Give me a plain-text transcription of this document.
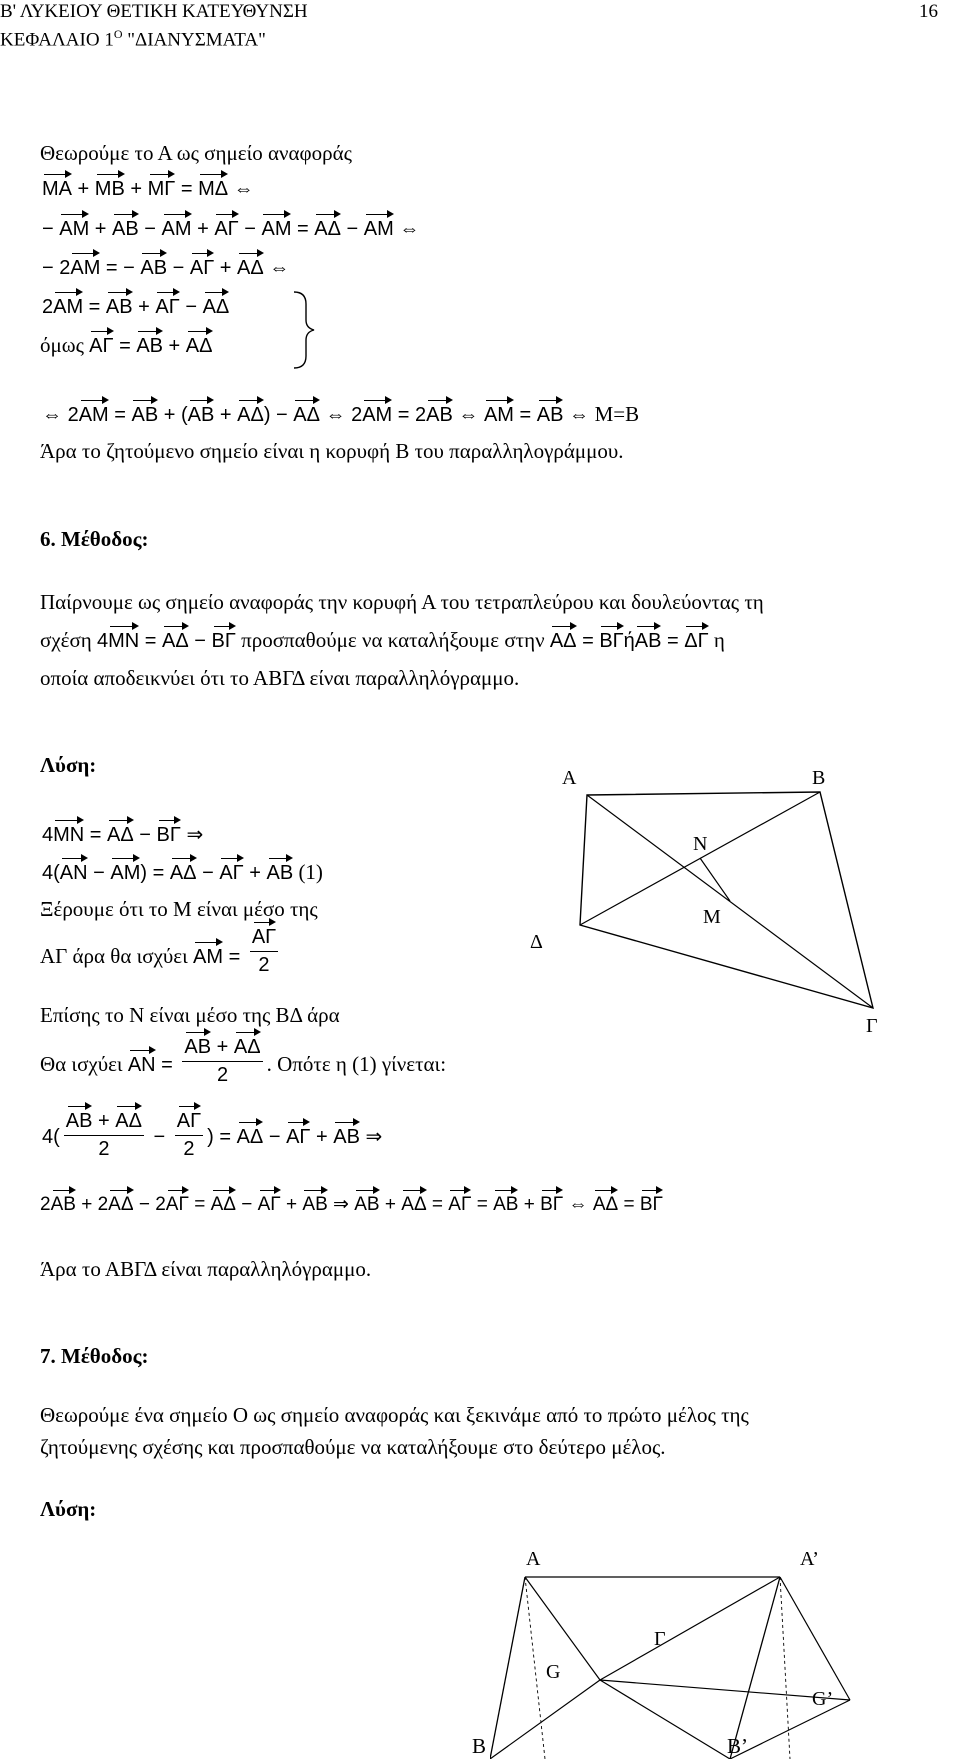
Β' ΛΥΚΕΙΟΥ ΘΕΤΙΚΗ ΚΑΤΕΥΘΥΝΣΗ
ΚΕΦΑΛΑΙΟ $1^O$ "ΔΙΑΝΥΣΜΑΤΑ"
16
Θεωρούμε το Α ως σημείο αναφοράς
ΜΑ + ΜΒ + ΜΓ = ΜΔ ⇔
− ΑΜ + ΑΒ − ΑΜ + ΑΓ − ΑΜ = ΑΔ − ΑΜ ⇔
− 2ΑΜ = − ΑΒ − ΑΓ + ΑΔ ⇔
2ΑΜ = ΑΒ + ΑΓ − ΑΔ
όμως ΑΓ = ΑΒ + ΑΔ
⇔ 2ΑΜ = ΑΒ + (ΑΒ + ΑΔ) − ΑΔ ⇔ 2ΑΜ = 2ΑΒ ⇔ ΑΜ = ΑΒ ⇔ Μ=Β
Άρα το ζητούμενο σημείο είναι η κορυφή Β του παραλληλογράμμου.
6. Μέθοδος:
Παίρνουμε ως σημείο αναφοράς την κορυφή Α του τετραπλεύρου και δουλεύοντας τη
σχέση 4ΜΝ = ΑΔ − ΒΓ προσπαθούμε να καταλήξουμε στην ΑΔ = ΒΓήΑΒ = ΔΓ η
οποία αποδεικνύει ότι το ΑΒΓΔ είναι παραλληλόγραμμο.
Λύση:
4ΜΝ = ΑΔ − ΒΓ ⇒
4(ΑΝ − ΑΜ) = ΑΔ − ΑΓ + ΑΒ (1)
Ξέρουμε ότι το Μ είναι μέσο της
ΑΓ άρα θα ισχύει $AM = \frac{A\Gamma}{2}$
Επίσης το Ν είναι μέσο της ΒΔ άρα
Θα ισχύει $AN = \frac{AB + A\Delta}{2}$ . Οπότε η (1) γίνεται:
$4( \frac{AB + A\Delta}{2} - \frac{A\Gamma}{2}$ ) = ΑΔ − ΑΓ + ΑΒ ⇒
2ΑΒ + 2ΑΔ − 2ΑΓ = ΑΔ − ΑΓ + ΑΒ ⇒ ΑΒ + ΑΔ = ΑΓ = ΑΒ + ΒΓ ⇔ ΑΔ = ΒΓ
Άρα το ΑΒΓΔ είναι παραλληλόγραμμο.
Α	Β
Γ
Δ
Ν
Μ
7. Μέθοδος:
Θεωρούμε ένα σημείο Ο ως σημείο αναφοράς και ξεκινάμε από το πρώτο μέλος της
ζητούμενης σχέσης και προσπαθούμε να καταλήξουμε στο δεύτερο μέλος.
Λύση:
Α	Α’
Γ
G
G’
Β	Β’
